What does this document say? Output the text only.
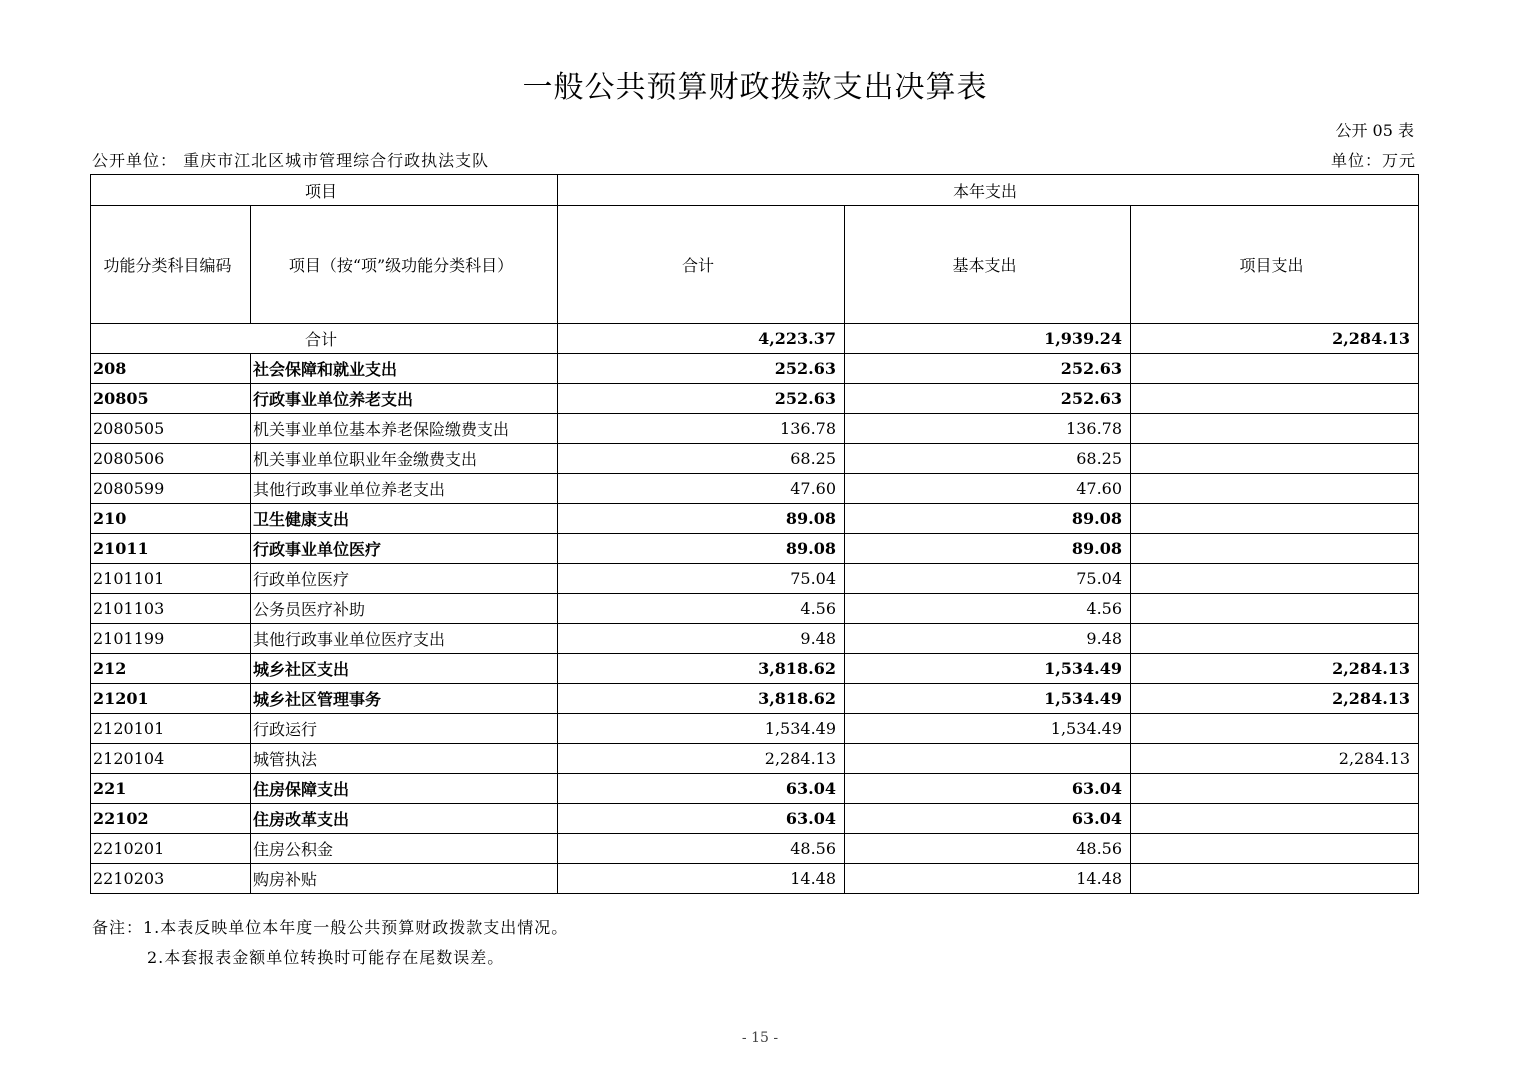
一般公共预算财政拨款支出决算表
公开 05 表
公开单位： 重庆市江北区城市管理综合行政执法支队	单位：万元
项目		本年支出		
功能分类科目编码	项目（按“项”级功能分类科目）	合计	基本支出	项目支出
合计		4,223.37	1,939.24	2,284.13
208	社会保障和就业支出	252.63	252.63	
20805	行政事业单位养老支出	252.63	252.63	
2080505	机关事业单位基本养老保险缴费支出	136.78	136.78	
2080506	机关事业单位职业年金缴费支出	68.25	68.25	
2080599	其他行政事业单位养老支出	47.60	47.60	
210	卫生健康支出	89.08	89.08	
21011	行政事业单位医疗	89.08	89.08	
2101101	行政单位医疗	75.04	75.04	
2101103	公务员医疗补助	4.56	4.56	
2101199	其他行政事业单位医疗支出	9.48	9.48	
212	城乡社区支出	3,818.62	1,534.49	2,284.13
21201	城乡社区管理事务	3,818.62	1,534.49	2,284.13
2120101	行政运行	1,534.49	1,534.49	
2120104	城管执法	2,284.13		2,284.13
221	住房保障支出	63.04	63.04	
22102	住房改革支出	63.04	63.04	
2210201	住房公积金	48.56	48.56	
2210203	购房补贴	14.48	14.48	
备注：1.本表反映单位本年度一般公共预算财政拨款支出情况。
2.本套报表金额单位转换时可能存在尾数误差。
- 15 -
